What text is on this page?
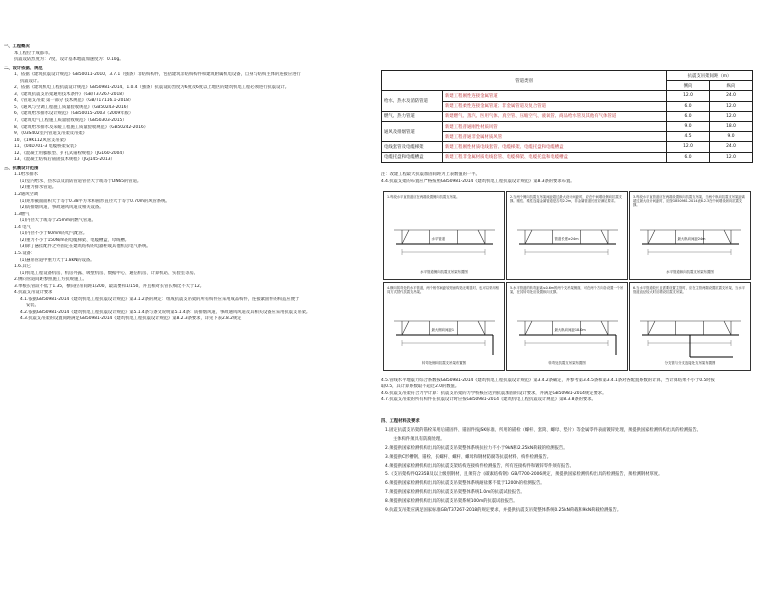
一、工程概况
本工程位于成都市。
抗震设防烈度为：7度，设计基本地震加速度为：0.10g。
二、设计依据、规范
1、依据《建筑抗震设计规范》GB50011-2010，3.7.1（强条）非结构构件，包括建筑非结构构件和建筑附属机电设备，自身与结构主体的连接应进行
抗震设计。
2、依据《建筑机电工程抗震设计规范》GB50981-2014，1.0.4（强条）抗震设防烈度为6度及6度以上地区的建筑机电工程必须进行抗震设计。
3、《建筑抗震支吊架通用技术条件》（GB/T37267-2018）
4、《管道支吊架 第一部分 技术规范》（GB/T17116.1-2018）
5、《通风与空调工程施工质量验收规范》（GB50243-2016）
6、《建筑给水排水设计规范》（GB50015-2003（2009年版）
7、《建筑电气工程施工质量验收规范》（GB50303-2015）
8、《建筑给水排水及采暖工程施工质量验收规范》（GB50242-2016）
9、《03S402室内管道支吊架及吊架》
10、《19K112风管支吊架》
11、《04D701-3 电缆桥架安装》
12、《混凝土用膨胀型、扩孔式锚栓规程》（JG160-2004）
13、《混凝土结构后锚固技术规程》（JGJ145-2013）
三、抗震设计范围
1.1给水排水
(1)室内给水、热水以及消防管道管径大于或等于DN65的管道。
(2)重力排水管道。
1.2通风空调
(1)矩形截面面积大于等于0.38平方米和圆形直径大于等于0.70m的风管系统。
(2)防排烟风道、事故通风风道及相关设备。
1.3燃气
(1)内径大于或等于25mm的燃气管道。
1.4 电气
(1)内径不小于60mm的电气配管。
(2)重力不小于150N/m的电缆梯架、电缆槽盒、母线槽。
(3)除了悬挂配件之外固定在建筑结构的电器柜或其他机房电气系统。
1.5.设备：
(1)悬吊管道中重力大于1.8kN的设备。
1.6.其它
(1)机电工程设备机房、机房外露、吸壁机房、数据中心、通信机房、计算机站、实验室等房。
2.侧向管道间距参照施工方抗规施工。
3.单根长管段不低于1.35，横向拉吊间距1/200，最需要和1/150，并且相对长管长细比不大于12。
4.抗震支吊设计要求
4.1.依据GB50981-2014《建筑机电工程抗震设计规范》第3.1.2条的规定：组成抗震支吊架的所有构件应采用成品构件，连接紧固件的构造应便于
安装。
4.2.依据GB50981-2014《建筑机电工程抗震设计规范》第5.1.4条与条文说明第5.1.4条：防排烟风道、事故通风风道及其相关设备应采用抗震支吊架。
4.3.抗震支吊架的设置间距满足GB50981-2014《建筑机电工程抗震设计规范》第8.2.3条要求，详见下表2.8.2规定
管道类别		抗震支吊架间距（m）	
		侧向	纵向
给水、热水及消防管道	新建工程刚性连接金属管道	12.0	24.0
	新建工程柔性连接金属管道；非金属管道及复合管道	6.0	12.0
燃气、热力管道	新建燃气、蒸汽、医用气体、真空管、压缩空气、液氧管、商品给水管及其他有气体管道	6.0	12.0
通风及排烟管道	新建工程普通刚性材质风管	9.0	18.0
	新建工程普通非金属材质风管	4.5	9.0
电线套管及电缆梯架	新建工程刚性材质电线套管、电缆梯架、电缆托盘和电缆槽盒	12.0	24.0
电缆托盘和电缆槽盒	新建工程非金属材质电线套管、电缆梯架、电缆托盘和电缆槽盒	6.0	12.0
注：改建工程最大抗震加固间距为上表数值的一半。
4.4.抗震支架的布置应严格按照GB50981-2014《建筑机电工程抗震设计规范》第8.3条的要求布置。
1.每段水平直管道应在两端设置侧向抗震支吊架。
水平管道
水平管道侧向抗震支吊架布置图
2.当两个侧向抗震支吊架间距超过最大设计间距时，应在中间增设侧向抗震支撑。刚性、柔性连接金属管道是否均2.2m，非金属管道长度应满足要求。
管道长度≥24m
3.每段水平直管道应在两端设置纵向抗震支吊架，当两个纵向抗震支吊架距离超过最大设计间距时，应按GB50981-2014表8.2.3在中间增设纵向抗震支撑。
最大纵向间距24m
水平管道纵向抗震支吊架布置图
4.横向拐弯处的水平管道，两个相邻间距较短而构造无明显时，也可以采用相同方式替代抗震支吊架。
最大侧向间距1
转弯处侧向抗震支吊架布置图
5.水平管道的转弯距离≤0.6m的两个支吊架侧面，可在两个方向各设置一个吊架，在其转弯处应设置纵向支撑。
最大纵向间距18.0m
转弯处抗震支吊架布置图
6.当水平管道较长且需要设置主管时，应在主管两端设置抗震支吊架，当水平管道直径较大时应增设抗震支吊架。
分支管与分支连接处支吊架布置图
4.5.管线水平地震力综合系数按GB50981-2014《建筑机电工程抗震设计规范》第3.4.2条确定，并参考第3.4.5条和第3.4.1条对各配置系数的计算，当计算结果不小于0.5时按
取0.5，其计算系数取不超过2.0的数值。
4.6.抗震支吊架符合力学计算：抗震支吊架的力学校核应达到抗震加固的设计要求，并满足GB50981-2014规定要求。
4.7.抗震支吊架的所有构件在抗震设计时应按GB50981-2014《建筑机电工程抗震设计规范》第8.3.8条的要求。
四、工程材料及要求
1.固定抗震支吊架的锚栓采用后锚固件、锚固件按JSK标准、所用的锚栓（螺杆、套筒、螺母、垫片）等金属零件表面镀锌处理，须提供国家检测机构出具的检测报告。
主体构件须具有防腐处理。
2.须提供国家检测机构出具的抗震支吊架整体系统抗拉力不小于9kN和2.25kN荷载的检测报告。
3.须提供C形槽钢、锚栓、长螺杆、螺杆、螺母和钢材防腐等抗震材料、构件检测报告。
4.须提供国家检测机构出具的抗震支架结构连接构件检测报告，所有连接构件和镀锌零件须有报告。
5.《支吊架构件Q235B及以上级别钢材，且须符合《碳素结构钢》GB/T700-2006规定，须提供国家检测机构出具的检测报告，须检测钢材厚度。
6.须提供国家检测机构出具的抗震支吊架整体系统耐盐雾不低于1200h的检测报告。
7.须提供国家检测机构出具的抗震支吊架整体系统1.0m的抗震试验报告。
8.须提供国家检测机构出具的抗震支吊架系统100m的抗震试验报告。
9.抗震支吊架应满足国家标准GB/T37267-2018的规定要求，并提供抗震支吊架整体系统0.25kN荷载和9kN荷载检测报告。
